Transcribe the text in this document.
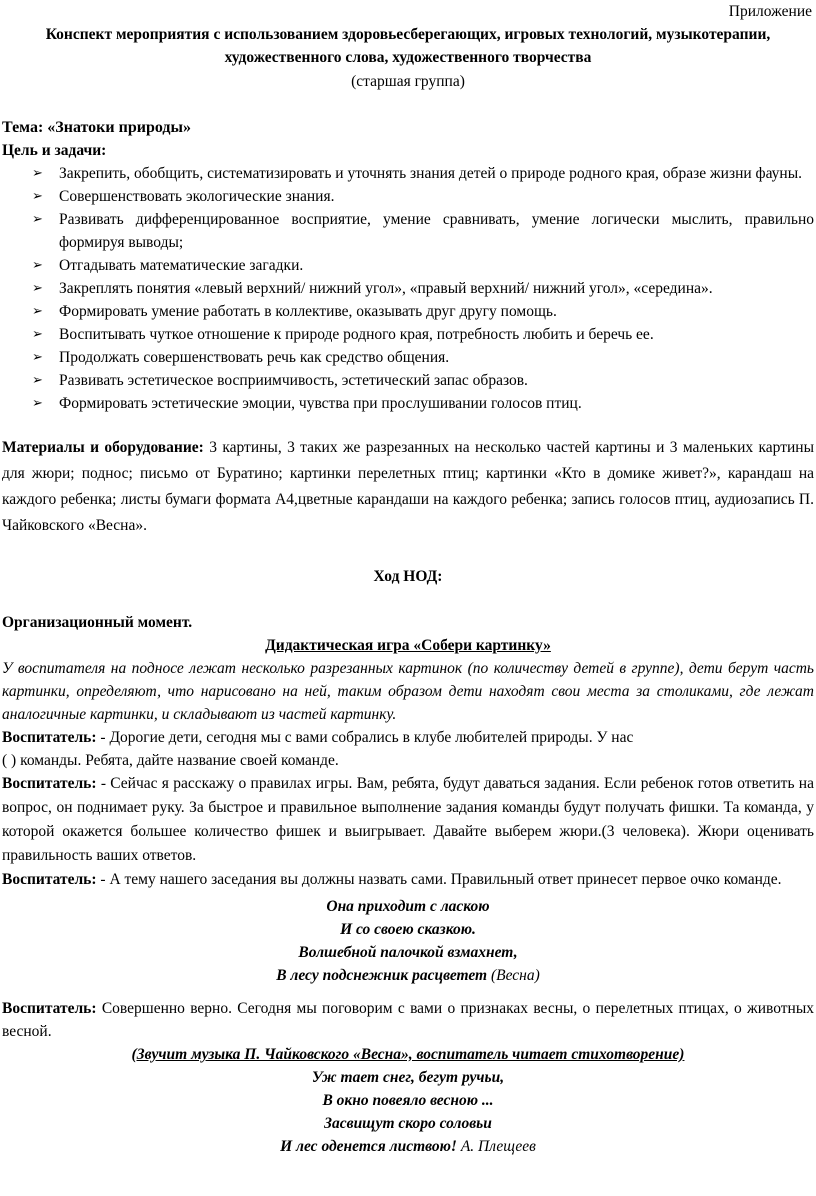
Приложение
Конспект мероприятия с использованием здоровьесберегающих, игровых технологий, музыкотерапии, художественного слова, художественного творчества
(старшая группа)
Тема: «Знатоки природы»
Цель и задачи:
➢ Закрепить, обобщить, систематизировать и уточнять знания детей о природе родного края, образе жизни фауны.
➢ Совершенствовать экологические знания.
➢ Развивать дифференцированное восприятие, умение сравнивать, умение логически мыслить, правильно формируя выводы;
➢ Отгадывать математические загадки.
➢ Закреплять понятия «левый верхний/ нижний угол», «правый верхний/ нижний угол», «середина».
➢ Формировать умение работать в коллективе, оказывать друг другу помощь.
➢ Воспитывать чуткое отношение к природе родного края, потребность любить и беречь ее.
➢ Продолжать совершенствовать речь как средство общения.
➢ Развивать эстетическое восприимчивость, эстетический запас образов.
➢ Формировать эстетические эмоции, чувства при прослушивании голосов птиц.
Материалы и оборудование: 3 картины, 3 таких же разрезанных на несколько частей картины и 3 маленьких картины для жюри; поднос; письмо от Буратино; картинки перелетных птиц; картинки «Кто в домике живет?», карандаш на каждого ребенка; листы бумаги формата А4,цветные карандаши на каждого ребенка; запись голосов птиц, аудиозапись П. Чайковского «Весна».
Ход НОД:
Организационный момент.
Дидактическая игра «Собери картинку»
У воспитателя на подносе лежат несколько разрезанных картинок (по количеству детей в группе), дети берут часть картинки, определяют, что нарисовано на ней, таким образом дети находят свои места за столиками, где лежат аналогичные картинки, и складывают из частей картинку.
Воспитатель: - Дорогие дети, сегодня мы с вами собрались в клубе любителей природы. У нас
( ) команды. Ребята, дайте название своей команде.
Воспитатель: - Сейчас я расскажу о правилах игры. Вам, ребята, будут даваться задания. Если ребенок готов ответить на вопрос, он поднимает руку. За быстрое и правильное выполнение задания команды будут получать фишки. Та команда, у которой окажется большее количество фишек и выигрывает. Давайте выберем жюри.(3 человека). Жюри оценивать правильность ваших ответов.
Воспитатель: - А тему нашего заседания вы должны назвать сами. Правильный ответ принесет первое очко команде.
Она приходит с ласкою
И со своею сказкою.
Волшебной палочкой взмахнет,
В лесу подснежник расцветет (Весна)
Воспитатель: Совершенно верно. Сегодня мы поговорим с вами о признаках весны, о перелетных птицах, о животных весной.
(Звучит музыка П. Чайковского «Весна», воспитатель читает стихотворение)
Уж тает снег, бегут ручьи,
В окно повеяло весною ...
Засвищут скоро соловьи
И лес оденется листвою! А. Плещеев
